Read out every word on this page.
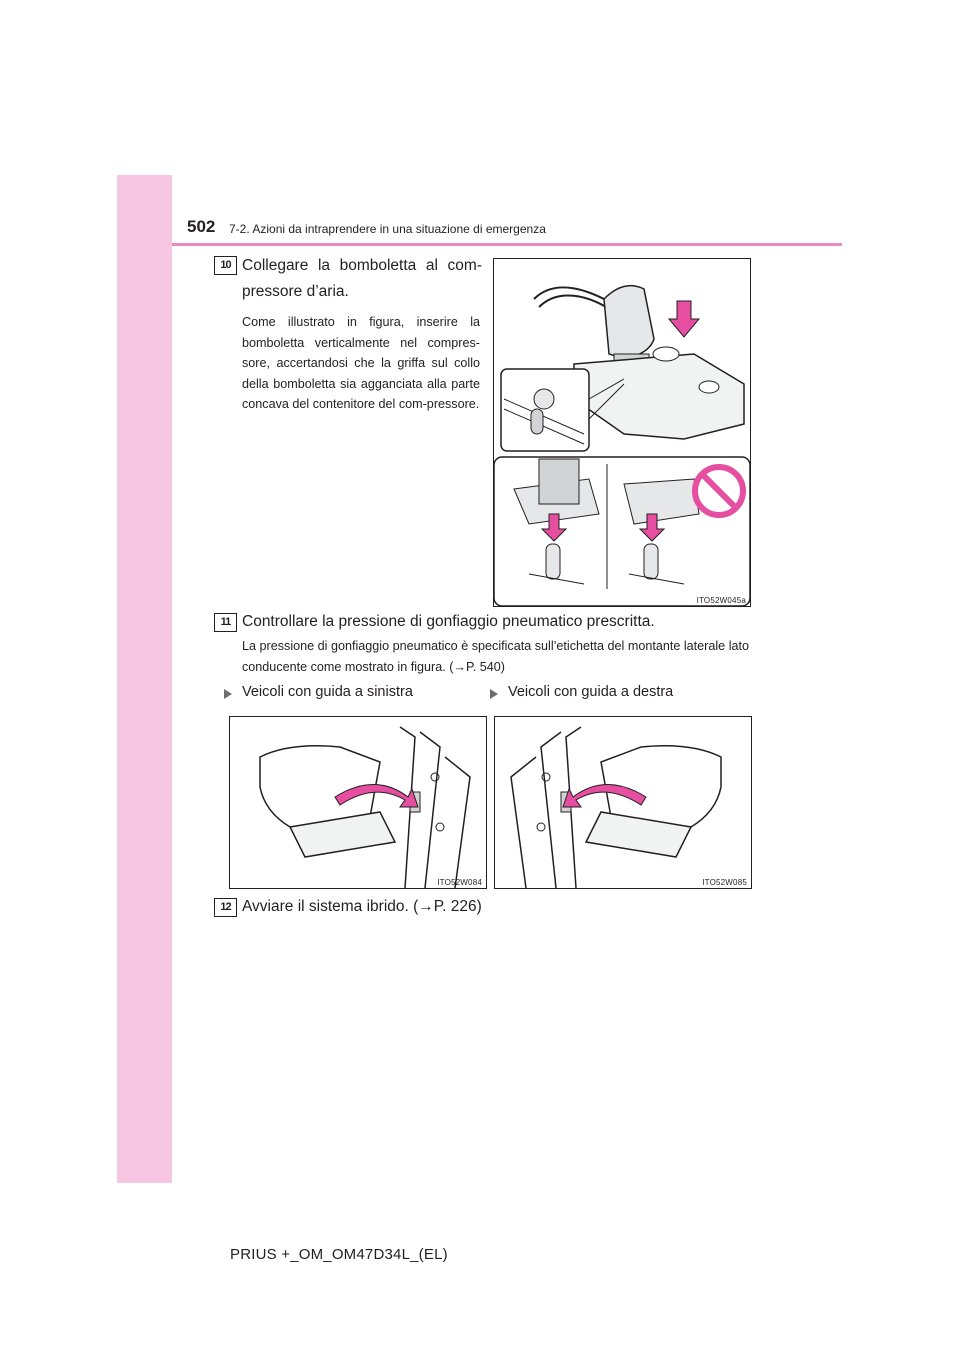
502 7-2. Azioni da intraprendere in una situazione di emergenza
10 Collegare la bomboletta al com-
pressore d’aria.
Come illustrato in figura, inserire la bomboletta verticalmente nel compres-sore, accertandosi che la griffa sul collo della bomboletta sia agganciata alla parte concava del contenitore del com-pressore.
ITO52W045a
11 Controllare la pressione di gonfiaggio pneumatico prescritta.
La pressione di gonfiaggio pneumatico è specificata sull’etichetta del montante laterale lato conducente come mostrato in figura. (→P. 540)
Veicoli con guida a sinistra	Veicoli con guida a destra
ITO52W084	ITO52W085
12 Avviare il sistema ibrido. (→P. 226)
PRIUS +_OM_OM47D34L_(EL)
